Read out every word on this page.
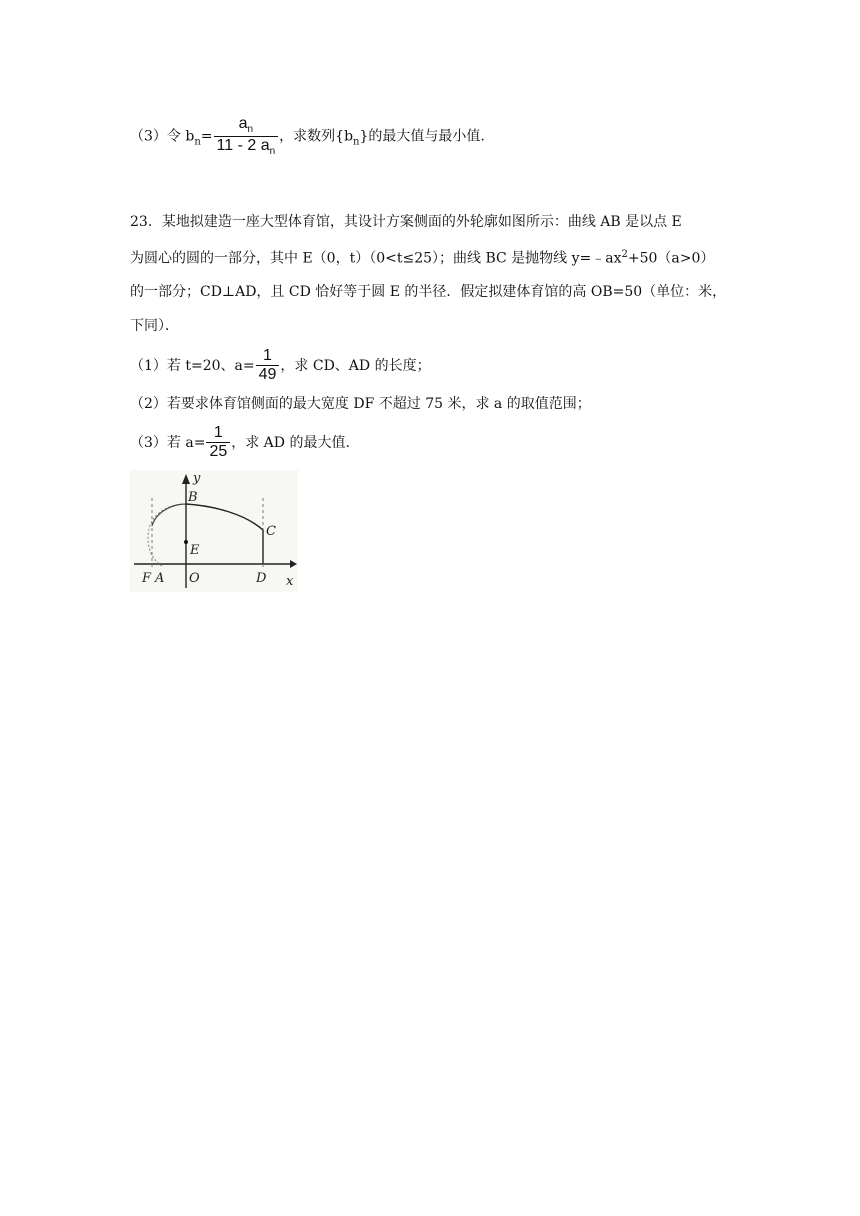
（3）令 $b_n= \frac{a_n}{11 - 2 a_n}$ ，求数列$\{b_n\}$的最大值与最小值.
23．某地拟建造一座大型体育馆，其设计方案侧面的外轮廓如图所示：曲线 AB 是以点 E
为圆心的圆的一部分，其中 E（0，t）（0<t≤25）；曲线 BC 是抛物线 $y=﹣ax^2+50(a>0)$
的一部分；CD⊥AD，且 CD 恰好等于圆 E 的半径．假定拟建体育馆的高 OB=50（单位：米，
下同）．
（1）若 t=20、$a= \frac{1}{49}$ ，求 CD、AD 的长度；
（2）若要求体育馆侧面的最大宽度 DF 不超过 75 米，求 a 的取值范围；
（3）若 $a= \frac{1}{25}$ ，求 AD 的最大值.
y
x
B
C
E
F A O	D
